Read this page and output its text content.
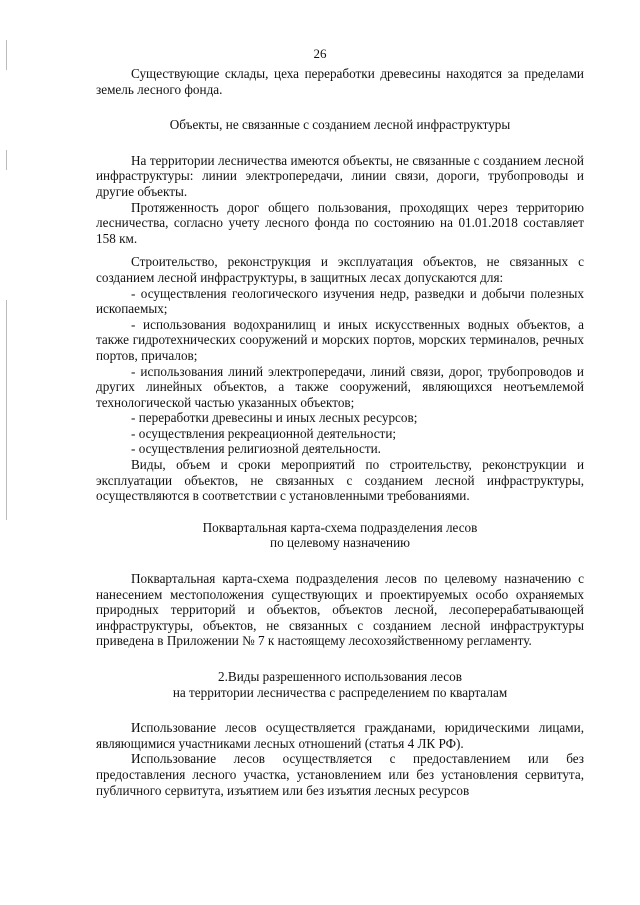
26

Существующие склады, цеха переработки древесины находятся за пределами земель лесного фонда.

Объекты, не связанные с созданием лесной инфраструктуры

На территории лесничества имеются объекты, не связанные с созданием лесной инфраструктуры: линии электропередачи, линии связи, дороги, трубопроводы и другие объекты.

Протяженность дорог общего пользования, проходящих через территорию лесничества, согласно учету лесного фонда по состоянию на 01.01.2018 составляет 158 км.

Строительство, реконструкция и эксплуатация объектов, не связанных с созданием лесной инфраструктуры, в защитных лесах допускаются для:

- осуществления геологического изучения недр, разведки и добычи полезных ископаемых;

- использования водохранилищ и иных искусственных водных объектов, а также гидротехнических сооружений и морских портов, морских терминалов, речных портов, причалов;

- использования линий электропередачи, линий связи, дорог, трубопроводов и других линейных объектов, а также сооружений, являющихся неотъемлемой технологической частью указанных объектов;

- переработки древесины и иных лесных ресурсов;

- осуществления рекреационной деятельности;

- осуществления религиозной деятельности.

Виды, объем и сроки мероприятий по строительству, реконструкции и эксплуатации объектов, не связанных с созданием лесной инфраструктуры, осуществляются в соответствии с установленными требованиями.

Поквартальная карта-схема подразделения лесов

по целевому назначению

Поквартальная карта-схема подразделения лесов по целевому назначению с нанесением местоположения существующих и проектируемых особо охраняемых природных территорий и объектов, объектов лесной, лесоперерабатывающей инфраструктуры, объектов, не связанных с созданием лесной инфраструктуры приведена в Приложении № 7 к настоящему лесохозяйственному регламенту.

2.Виды разрешенного использования лесов

на территории лесничества с распределением по кварталам

Использование лесов осуществляется гражданами, юридическими лицами, являющимися участниками лесных отношений (статья 4 ЛК РФ).

Использование лесов осуществляется с предоставлением или без предоставления лесного участка, установлением или без установления сервитута, публичного сервитута, изъятием или без изъятия лесных ресурсов
